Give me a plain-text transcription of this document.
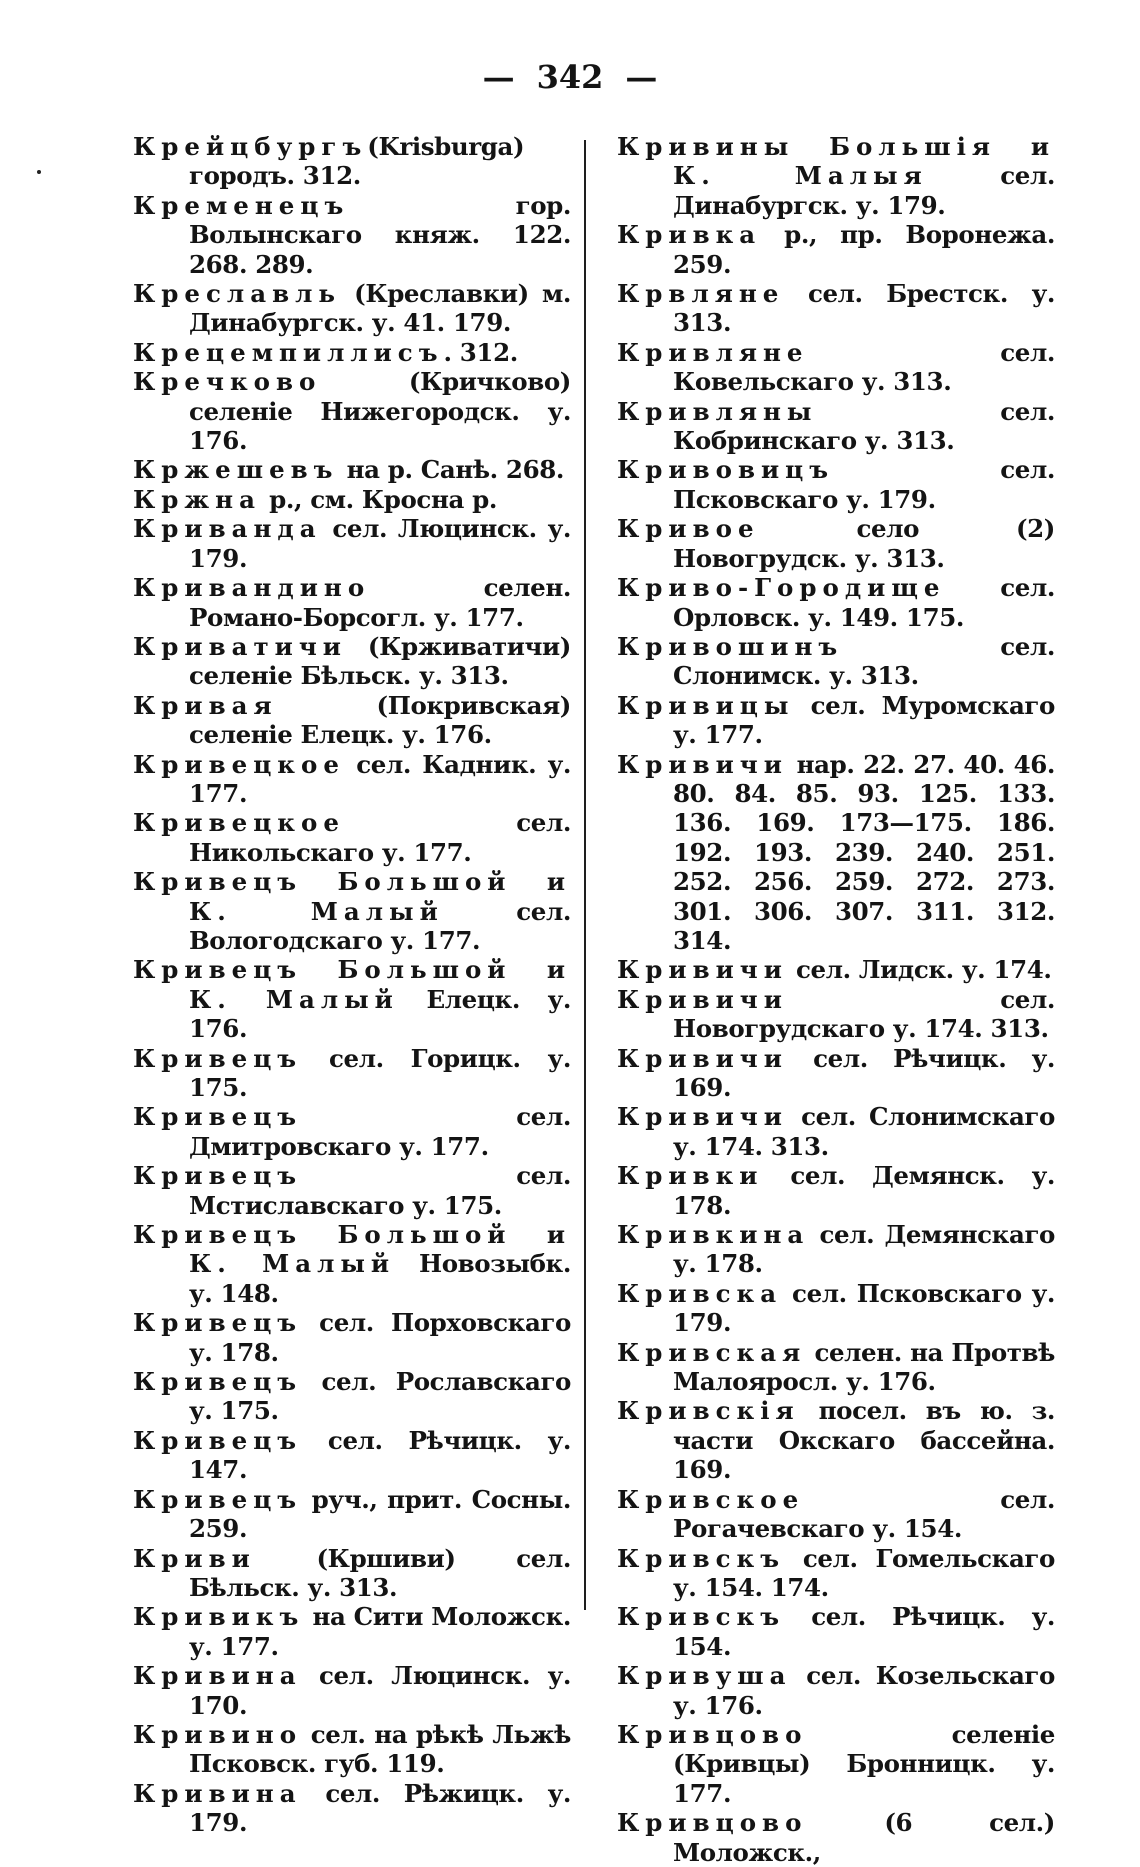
— 342 —
Крейцбургъ(Krisburga) городъ. 312.
Кременецъ гор. Волынскаго княж. 122. 268. 289.
Креславль (Креславки) м. Динабургск. у. 41. 179.
Крецемпиллисъ. 312.
Кречково (Кричково) селеніе Нижегородск. у. 176.
Кржешевъ на р. Санѣ. 268.
Кржна р., см. Кросна р.
Криванда сел. Люцинск. у. 179.
Кривандино селен. Романо-Борсогл. у. 177.
Криватичи (Крживатичи) селеніе Бѣльск. у. 313.
Кривая (Покривская) селеніе Елецк. у. 176.
Кривецкое сел. Кадник. у. 177.
Кривецкое сел. Никольскаго у. 177.
Кривецъ Большой и К. Малый сел. Вологодскаго у. 177.
Кривецъ Большой и К. Малый Елецк. у. 176.
Кривецъ сел. Горицк. у. 175.
Кривецъ сел. Дмитровскаго у. 177.
Кривецъ сел. Мстиславскаго у. 175.
Кривецъ Большой и К. Малый Новозыбк. у. 148.
Кривецъ сел. Порховскаго у. 178.
Кривецъ сел. Рославскаго у. 175.
Кривецъ сел. Рѣчицк. у. 147.
Кривецъ руч., прит. Сосны. 259.
Криви (Кршиви) сел. Бѣльск. у. 313.
Кривикъ на Сити Моложск. у. 177.
Кривина сел. Люцинск. у. 170.
Кривино сел. на рѣкѣ Льжѣ Псковск. губ. 119.
Кривина сел. Рѣжицк. у. 179.
Кривины Большія и К. Малыя сел. Динабургск. у. 179.
Кривка р., пр. Воронежа. 259.
Крвляне сел. Брестск. у. 313.
Кривляне сел. Ковельскаго у. 313.
Кривляны сел. Кобринскаго у. 313.
Кривовицъ сел. Псковскаго у. 179.
Кривое село (2) Новогрудск. у. 313.
Криво-Городище сел. Орловск. у. 149. 175.
Кривошинъ сел. Слонимск. у. 313.
Кривицы сел. Муромскаго у. 177.
Кривичи нар. 22. 27. 40. 46. 80. 84. 85. 93. 125. 133. 136. 169. 173—175. 186. 192. 193. 239. 240. 251. 252. 256. 259. 272. 273. 301. 306. 307. 311. 312. 314.
Кривичи сел. Лидск. у. 174.
Кривичи сел. Новогрудскаго у. 174. 313.
Кривичи сел. Рѣчицк. у. 169.
Кривичи сел. Слонимскаго у. 174. 313.
Кривки сел. Демянск. у. 178.
Кривкина сел. Демянскаго у. 178.
Кривска сел. Псковскаго у. 179.
Кривская селен. на Протвѣ Малояросл. у. 176.
Кривскія посел. въ ю. з. части Окскаго бассейна. 169.
Кривское сел. Рогачевскаго у. 154.
Кривскъ сел. Гомельскаго у. 154. 174.
Кривскъ сел. Рѣчицк. у. 154.
Кривуша сел. Козельскаго у. 176.
Кривцово селеніе (Кривцы) Бронницк. у. 177.
Кривцово (6 сел.) Моложск.,
